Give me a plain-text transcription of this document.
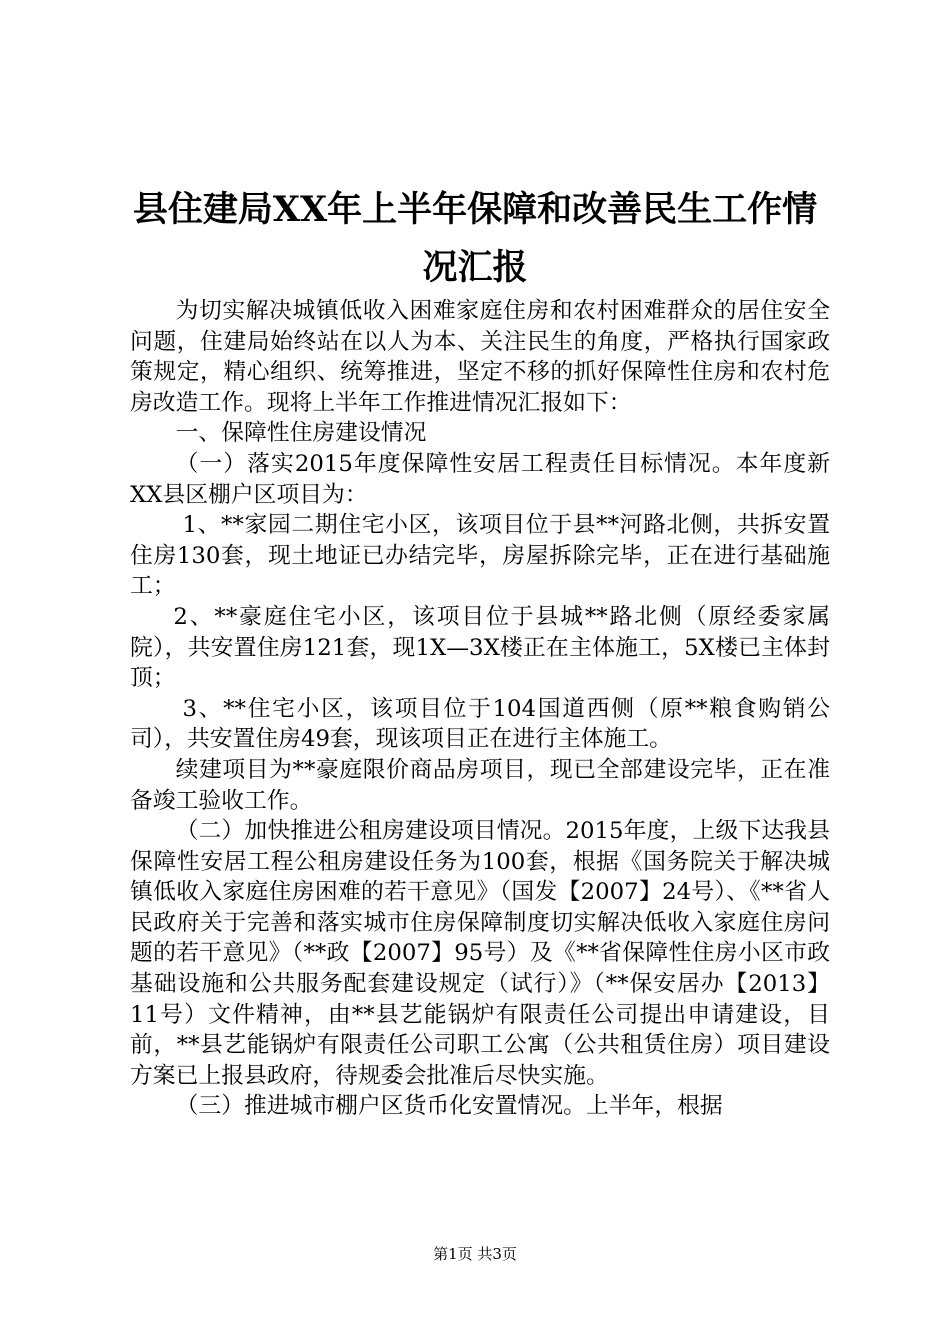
县住建局XX年上半年保障和改善民生工作情
况汇报

为切实解决城镇低收入困难家庭住房和农村困难群众的居住安全问题，住建局始终站在以人为本、关注民生的角度，严格执行国家政策规定，精心组织、统筹推进，坚定不移的抓好保障性住房和农村危房改造工作。现将上半年工作推进情况汇报如下：

一、保障性住房建设情况

（一）落实2015年度保障性安居工程责任目标情况。本年度新XX县区棚户区项目为：

1、**家园二期住宅小区，该项目位于县**河路北侧，共拆安置住房130套，现土地证已办结完毕，房屋拆除完毕，正在进行基础施工；

2、**豪庭住宅小区，该项目位于县城**路北侧（原经委家属院），共安置住房121套，现1X—3X楼正在主体施工，5X楼已主体封顶；

3、**住宅小区，该项目位于104国道西侧（原**粮食购销公司），共安置住房49套，现该项目正在进行主体施工。

续建项目为**豪庭限价商品房项目，现已全部建设完毕，正在准备竣工验收工作。

（二）加快推进公租房建设项目情况。2015年度，上级下达我县保障性安居工程公租房建设任务为100套，根据《国务院关于解决城镇低收入家庭住房困难的若干意见》（国发【2007】24号）、《**省人民政府关于完善和落实城市住房保障制度切实解决低收入家庭住房问题的若干意见》（**政【2007】95号）及《**省保障性住房小区市政基础设施和公共服务配套建设规定（试行）》（**保安居办【2013】11号）文件精神，由**县艺能锅炉有限责任公司提出申请建设，目前，**县艺能锅炉有限责任公司职工公寓（公共租赁住房）项目建设方案已上报县政府，待规委会批准后尽快实施。

（三）推进城市棚户区货币化安置情况。上半年，根据

第1页 共3页
